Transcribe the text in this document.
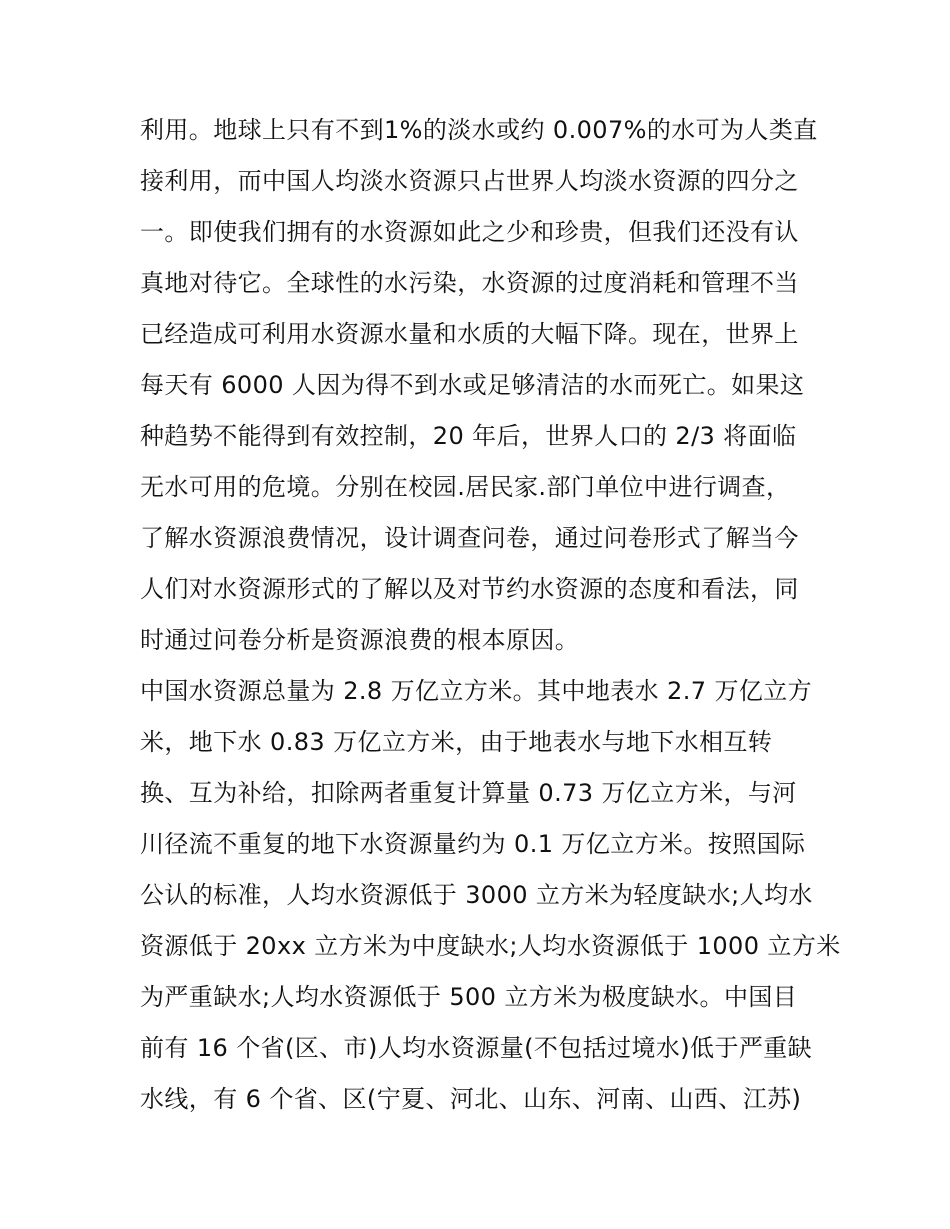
利用。地球上只有不到1%的淡水或约 0.007%的水可为人类直
接利用，而中国人均淡水资源只占世界人均淡水资源的四分之
一。即使我们拥有的水资源如此之少和珍贵，但我们还没有认
真地对待它。全球性的水污染，水资源的过度消耗和管理不当
已经造成可利用水资源水量和水质的大幅下降。现在，世界上
每天有 6000 人因为得不到水或足够清洁的水而死亡。如果这
种趋势不能得到有效控制，20 年后，世界人口的 2/3 将面临
无水可用的危境。分别在校园.居民家.部门单位中进行调查，
了解水资源浪费情况，设计调查问卷，通过问卷形式了解当今
人们对水资源形式的了解以及对节约水资源的态度和看法，同
时通过问卷分析是资源浪费的根本原因。
中国水资源总量为 2.8 万亿立方米。其中地表水 2.7 万亿立方
米，地下水 0.83 万亿立方米，由于地表水与地下水相互转
换、互为补给，扣除两者重复计算量 0.73 万亿立方米，与河
川径流不重复的地下水资源量约为 0.1 万亿立方米。按照国际
公认的标准，人均水资源低于 3000 立方米为轻度缺水;人均水
资源低于 20xx 立方米为中度缺水;人均水资源低于 1000 立方米
为严重缺水;人均水资源低于 500 立方米为极度缺水。中国目
前有 16 个省(区、市)人均水资源量(不包括过境水)低于严重缺
水线，有 6 个省、区(宁夏、河北、山东、河南、山西、江苏)
